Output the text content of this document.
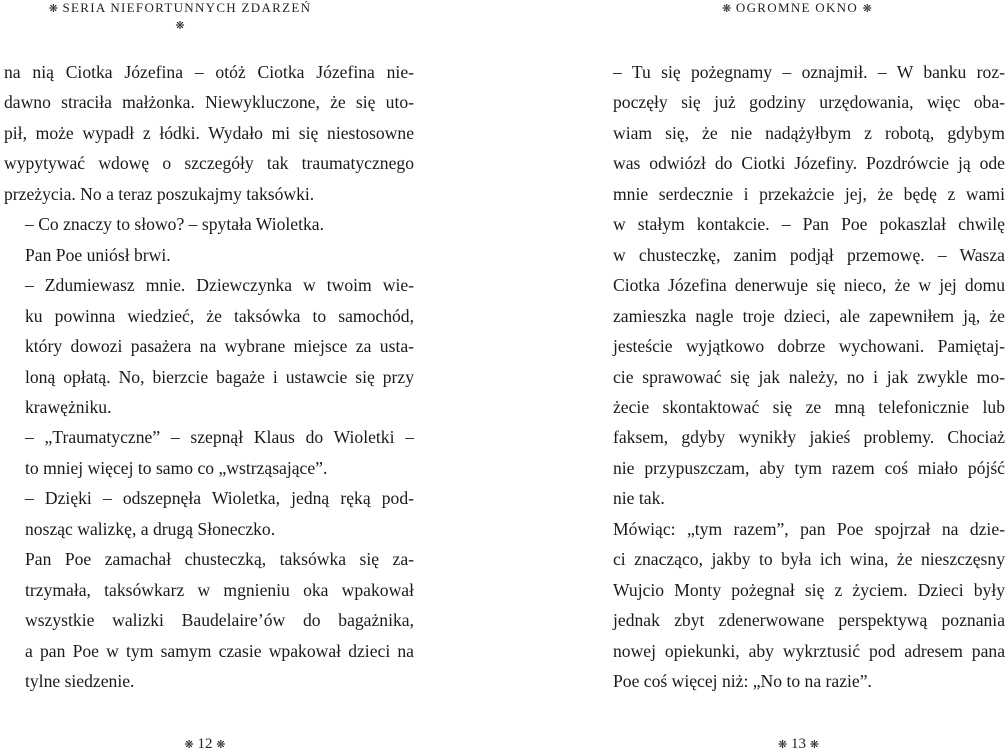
❋ SERIA NIEFORTUNNYCH ZDARZEŃ ❋

na nią Ciotka Józefina – otóż Ciotka Józefina nie-
dawno straciła małżonka. Niewykluczone, że się uto-
pił, może wypadł z łódki. Wydało mi się niestosowne
wypytywać wdowę o szczegóły tak traumatycznego
przeżycia. No a teraz poszukajmy taksówki.

– Co znaczy to słowo? – spytała Wioletka.

Pan Poe uniósł brwi.

– Zdumiewasz mnie. Dziewczynka w twoim wie-
ku powinna wiedzieć, że taksówka to samochód,
który dowozi pasażera na wybrane miejsce za usta-
loną opłatą. No, bierzcie bagaże i ustawcie się przy
krawężniku.

– „Traumatyczne” – szepnął Klaus do Wioletki –
to mniej więcej to samo co „wstrząsające”.

– Dzięki – odszepnęła Wioletka, jedną ręką pod-
nosząc walizkę, a drugą Słoneczko.

Pan Poe zamachał chusteczką, taksówka się za-
trzymała, taksówkarz w mgnieniu oka wpakował
wszystkie walizki Baudelaire’ów do bagażnika,
a pan Poe w tym samym czasie wpakował dzieci na
tylne siedzenie.

❋ 12 ❋
❋ OGROMNE OKNO ❋

– Tu się pożegnamy – oznajmił. – W banku roz-
poczęły się już godziny urzędowania, więc oba-
wiam się, że nie nadążyłbym z robotą, gdybym
was odwiózł do Ciotki Józefiny. Pozdrówcie ją ode
mnie serdecznie i przekażcie jej, że będę z wami
w stałym kontakcie. – Pan Poe pokaszlał chwilę
w chusteczkę, zanim podjął przemowę. – Wasza
Ciotka Józefina denerwuje się nieco, że w jej domu
zamieszka nagle troje dzieci, ale zapewniłem ją, że
jesteście wyjątkowo dobrze wychowani. Pamiętaj-
cie sprawować się jak należy, no i jak zwykle mo-
żecie skontaktować się ze mną telefonicznie lub
faksem, gdyby wynikły jakieś problemy. Chociaż
nie przypuszczam, aby tym razem coś miało pójść
nie tak.

Mówiąc: „tym razem”, pan Poe spojrzał na dzie-
ci znacząco, jakby to była ich wina, że nieszczęsny
Wujcio Monty pożegnał się z życiem. Dzieci były
jednak zbyt zdenerwowane perspektywą poznania
nowej opiekunki, aby wykrztusić pod adresem pana
Poe coś więcej niż: „No to na razie”.

❋ 13 ❋
